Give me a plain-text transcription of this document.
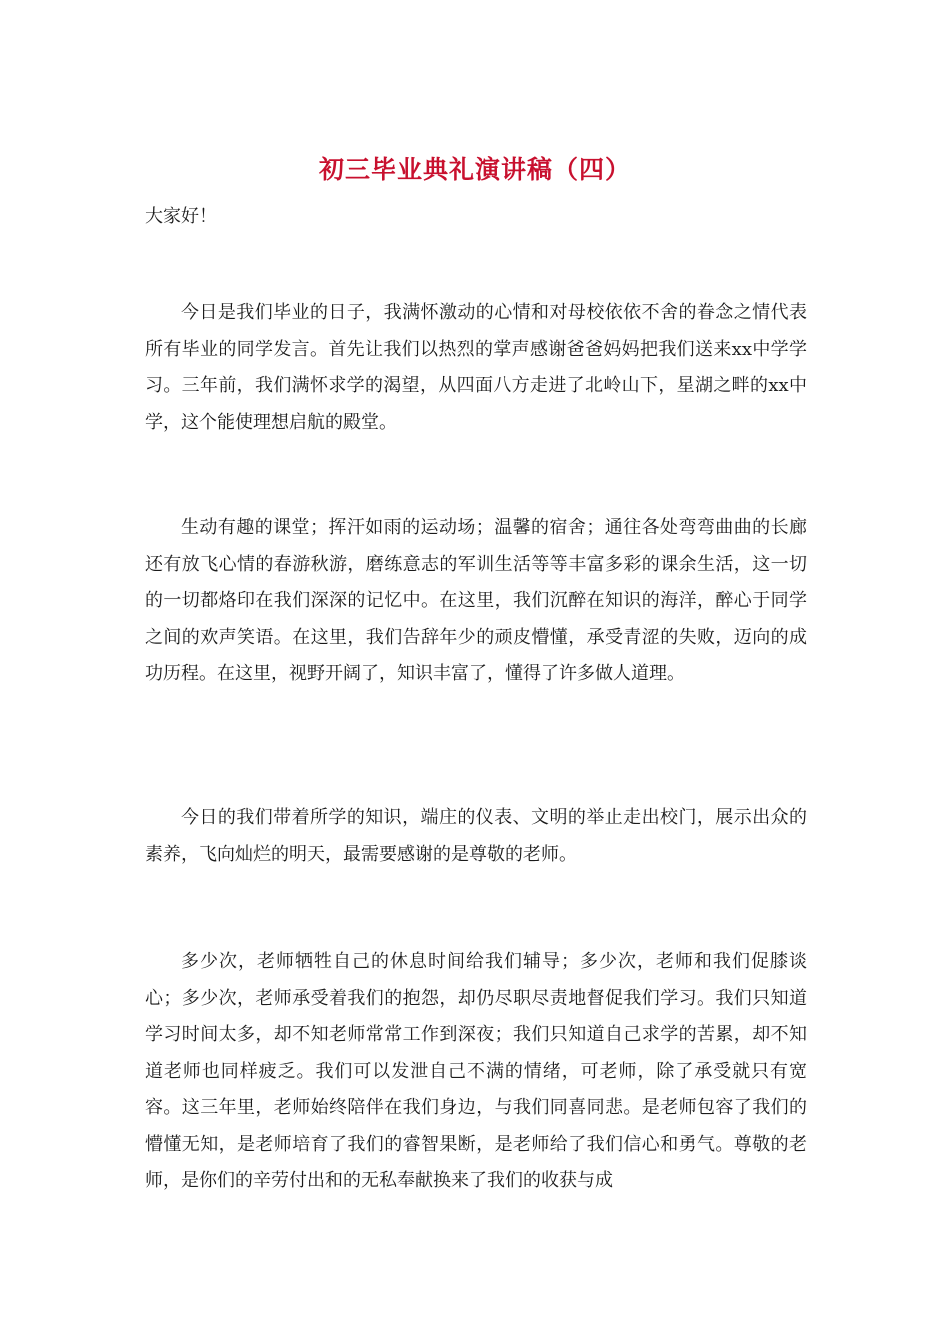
初三毕业典礼演讲稿（四）

大家好！

今日是我们毕业的日子，我满怀激动的心情和对母校依依不舍的眷念之情代表所有毕业的同学发言。首先让我们以热烈的掌声感谢爸爸妈妈把我们送来xx中学学习。三年前，我们满怀求学的渴望，从四面八方走进了北岭山下，星湖之畔的xx中学，这个能使理想启航的殿堂。

生动有趣的课堂；挥汗如雨的运动场；温馨的宿舍；通往各处弯弯曲曲的长廊 还有放飞心情的春游秋游，磨练意志的军训生活等等丰富多彩的课余生活，这一切的一切都烙印在我们深深的记忆中。在这里，我们沉醉在知识的海洋，醉心于同学之间的欢声笑语。在这里，我们告辞年少的顽皮懵懂，承受青涩的失败，迈向的成功历程。在这里，视野开阔了，知识丰富了，懂得了许多做人道理。

今日的我们带着所学的知识，端庄的仪表、文明的举止走出校门，展示出众的素养，飞向灿烂的明天，最需要感谢的是尊敬的老师。

多少次，老师牺牲自己的休息时间给我们辅导；多少次，老师和我们促膝谈心；多少次，老师承受着我们的抱怨，却仍尽职尽责地督促我们学习。我们只知道学习时间太多，却不知老师常常工作到深夜；我们只知道自己求学的苦累，却不知道老师也同样疲乏。我们可以发泄自己不满的情绪，可老师，除了承受就只有宽容。这三年里，老师始终陪伴在我们身边，与我们同喜同悲。是老师包容了我们的懵懂无知，是老师培育了我们的睿智果断，是老师给了我们信心和勇气。尊敬的老师，是你们的辛劳付出和的无私奉献换来了我们的收获与成
